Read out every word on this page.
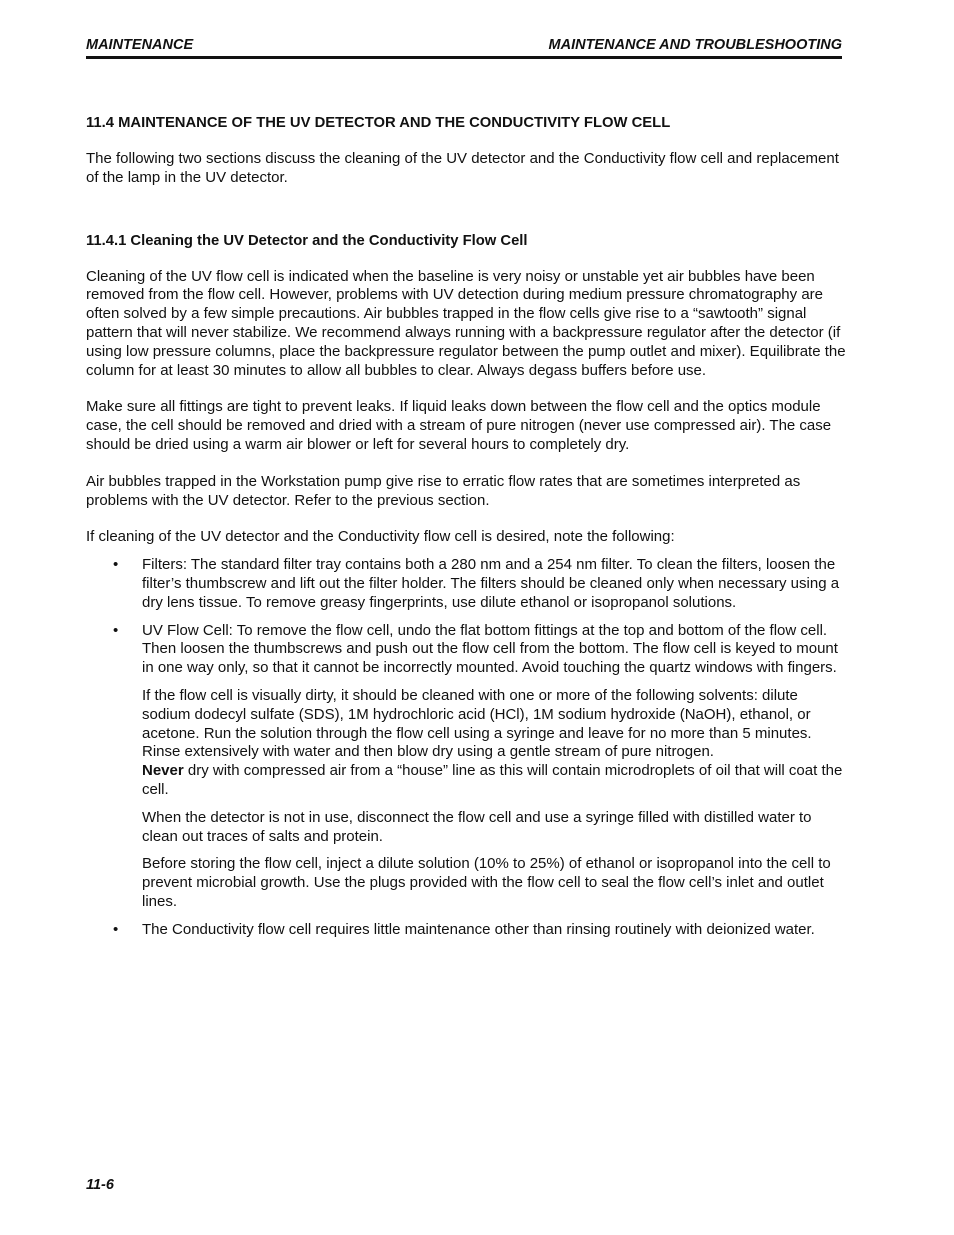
MAINTENANCE	MAINTENANCE AND TROUBLESHOOTING
11.4 MAINTENANCE OF THE UV DETECTOR AND THE CONDUCTIVITY FLOW CELL

The following two sections discuss the cleaning of the UV detector and the Conductivity flow cell and replacement of the lamp in the UV detector.

11.4.1 Cleaning the UV Detector and the Conductivity Flow Cell

Cleaning of the UV flow cell is indicated when the baseline is very noisy or unstable yet air bubbles have been removed from the flow cell. However, problems with UV detection during medium pressure chromatography are often solved by a few simple precautions. Air bubbles trapped in the flow cells give rise to a “sawtooth” signal pattern that will never stabilize. We recommend always running with a backpressure regulator after the detector (if using low pressure columns, place the backpressure regulator between the pump outlet and mixer). Equilibrate the column for at least 30 minutes to allow all bubbles to clear. Always degass buffers before use.

Make sure all fittings are tight to prevent leaks. If liquid leaks down between the flow cell and the optics module case, the cell should be removed and dried with a stream of pure nitrogen (never use compressed air). The case should be dried using a warm air blower or left for several hours to completely dry.

Air bubbles trapped in the Workstation pump give rise to erratic flow rates that are sometimes interpreted as problems with the UV detector. Refer to the previous section.

If cleaning of the UV detector and the Conductivity flow cell is desired, note the following:

• Filters: The standard filter tray contains both a 280 nm and a 254 nm filter. To clean the filters, loosen the filter’s thumbscrew and lift out the filter holder. The filters should be cleaned only when necessary using a dry lens tissue. To remove greasy fingerprints, use dilute ethanol or isopropanol solutions.

• UV Flow Cell: To remove the flow cell, undo the flat bottom fittings at the top and bottom of the flow cell. Then loosen the thumbscrews and push out the flow cell from the bottom. The flow cell is keyed to mount in one way only, so that it cannot be incorrectly mounted. Avoid touching the quartz windows with fingers.

If the flow cell is visually dirty, it should be cleaned with one or more of the following solvents: dilute sodium dodecyl sulfate (SDS), 1M hydrochloric acid (HCl), 1M sodium hydroxide (NaOH), ethanol, or acetone. Run the solution through the flow cell using a syringe and leave for no more than 5 minutes. Rinse extensively with water and then blow dry using a gentle stream of pure nitrogen.
Never dry with compressed air from a “house” line as this will contain microdroplets of oil that will coat the cell.

When the detector is not in use, disconnect the flow cell and use a syringe filled with distilled water to clean out traces of salts and protein.

Before storing the flow cell, inject a dilute solution (10% to 25%) of ethanol or isopropanol into the cell to prevent microbial growth. Use the plugs provided with the flow cell to seal the flow cell’s inlet and outlet lines.

• The Conductivity flow cell requires little maintenance other than rinsing routinely with deionized water.

11-6
